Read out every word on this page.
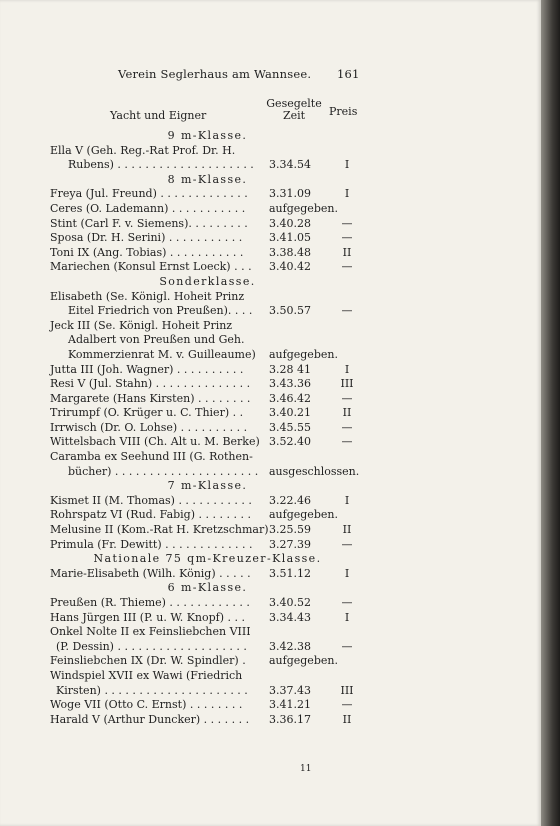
Verein Seglerhaus am Wannsee. 161
Yacht und Eigner
Gesegelte
Zeit	Preis
9 m-Klasse.
Ella V (Geh. Reg.-Rat Prof. Dr. H.
Rubens) . . . . . . . . . . . . . . . . . . . . 3.34.54	I
8 m-Klasse.
Freya (Jul. Freund) . . . . . . . . . . . . . 3.31.09	I
Ceres (O. Lademann) . . . . . . . . . . . aufgegeben.
Stint (Carl F. v. Siemens). . . . . . . . . 3.40.28	—
Sposa (Dr. H. Serini) . . . . . . . . . . . 3.41.05	—
Toni IX (Ang. Tobias) . . . . . . . . . . . 3.38.48	II
Mariechen (Konsul Ernst Loeck) . . . 3.40.42	—
Sonderklasse.
Elisabeth (Se. Königl. Hoheit Prinz
Eitel Friedrich von Preußen). . . . 3.50.57	—
Jeck III (Se. Königl. Hoheit Prinz
Adalbert von Preußen und Geh.
Kommerzienrat M. v. Guilleaume) aufgegeben.
Jutta III (Joh. Wagner) . . . . . . . . . . 3.28 41	I
Resi V (Jul. Stahn) . . . . . . . . . . . . . . 3.43.36	III
Margarete (Hans Kirsten) . . . . . . . . 3.46.42	—
Trirumpf (O. Krüger u. C. Thier) . . 3.40.21	II
Irrwisch (Dr. O. Lohse) . . . . . . . . . . 3.45.55	—
Wittelsbach VIII (Ch. Alt u. M. Berke) 3.52.40	—
Caramba ex Seehund III (G. Rothen-
bücher) . . . . . . . . . . . . . . . . . . . . . ausgeschlossen.
7 m-Klasse.
Kismet II (M. Thomas) . . . . . . . . . . . 3.22.46	I
Rohrspatz VI (Rud. Fabig) . . . . . . . . aufgegeben.
Melusine II (Kom.-Rat H. Kretzschmar) 3.25.59	II
Primula (Fr. Dewitt) . . . . . . . . . . . . . 3.27.39	—
Nationale 75 qm-Kreuzer-Klasse.
Marie-Elisabeth (Wilh. König) . . . . . 3.51.12	I
6 m-Klasse.
Preußen (R. Thieme) . . . . . . . . . . . . 3.40.52	—
Hans Jürgen III (P. u. W. Knopf) . . . 3.34.43	I
Onkel Nolte II ex Feinsliebchen VIII
(P. Dessin) . . . . . . . . . . . . . . . . . . . 3.42.38	—
Feinsliebchen IX (Dr. W. Spindler) . aufgegeben.
Windspiel XVII ex Wawi (Friedrich
Kirsten) . . . . . . . . . . . . . . . . . . . . . 3.37.43	III
Woge VII (Otto C. Ernst) . . . . . . . . 3.41.21	—
Harald V (Arthur Duncker) . . . . . . . 3.36.17	II
11
